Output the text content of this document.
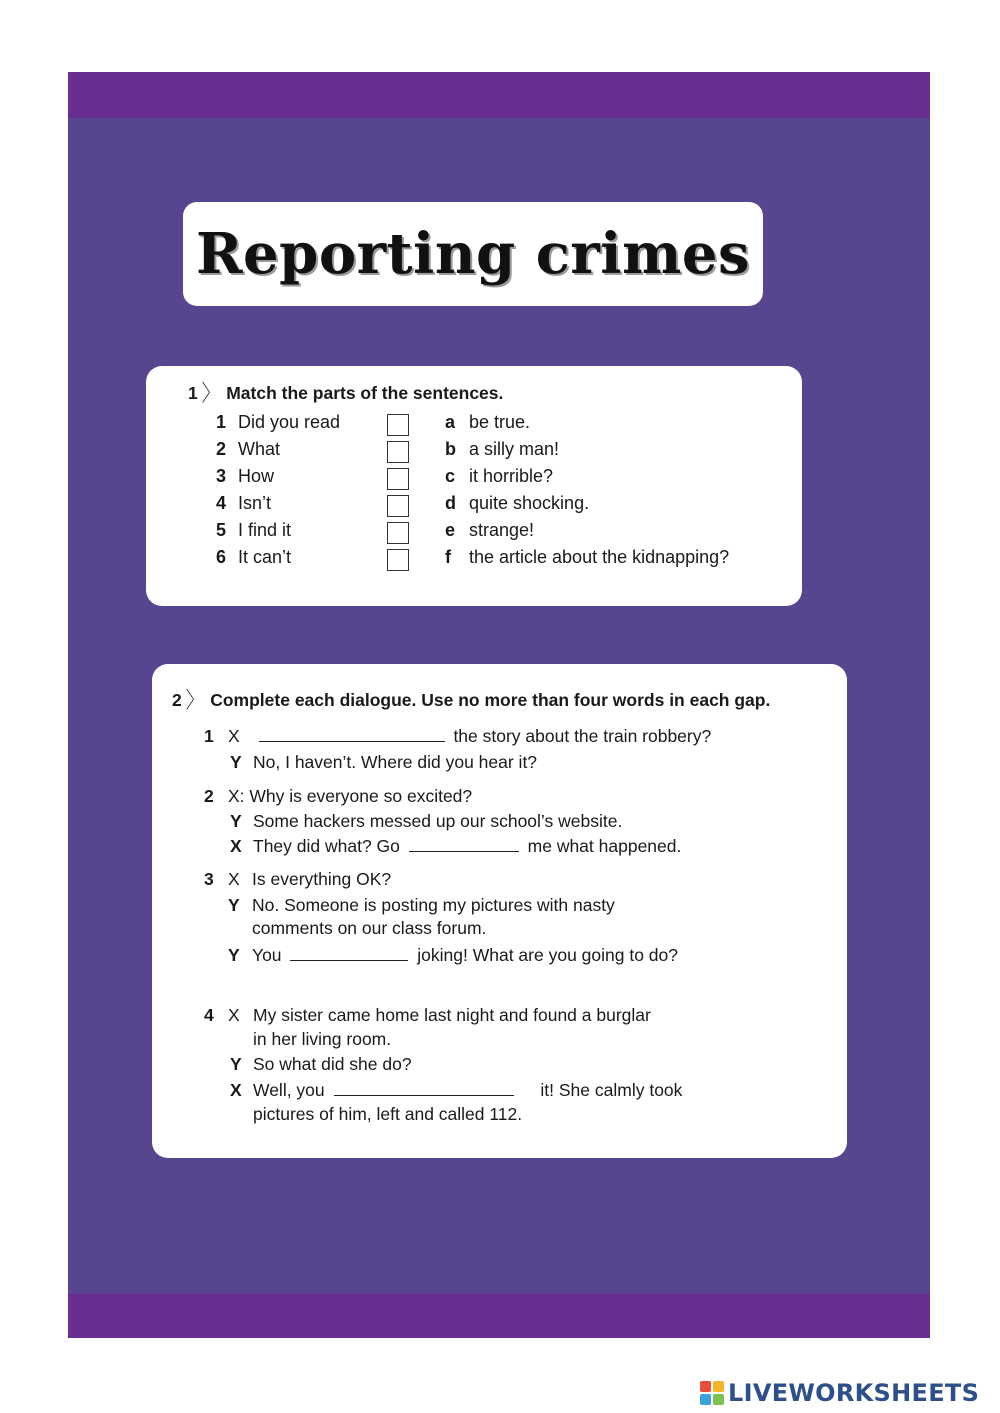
Reporting crimes
1 〉 Match the parts of the sentences.
1 Did you read	a be true.
2 What	b a silly man!
3 How	c it horrible?
4 Isn’t	d quite shocking.
5 I find it	e strange!
6 It can’t	f the article about the kidnapping?
2 〉 Complete each dialogue. Use no more than four words in each gap.
1 X	the story about the train robbery?
Y No, I haven’t. Where did you hear it?
2 X: Why is everyone so excited?
Y Some hackers messed up our school’s website.
X They did what? Go	me what happened.
3 X Is everything OK?
Y No. Someone is posting my pictures with nasty
comments on our class forum.
Y You	joking! What are you going to do?
4 X My sister came home last night and found a burglar
in her living room.
Y So what did she do?
X Well, you	it! She calmly took
pictures of him, left and called 112.
LIVEWORKSHEETS
